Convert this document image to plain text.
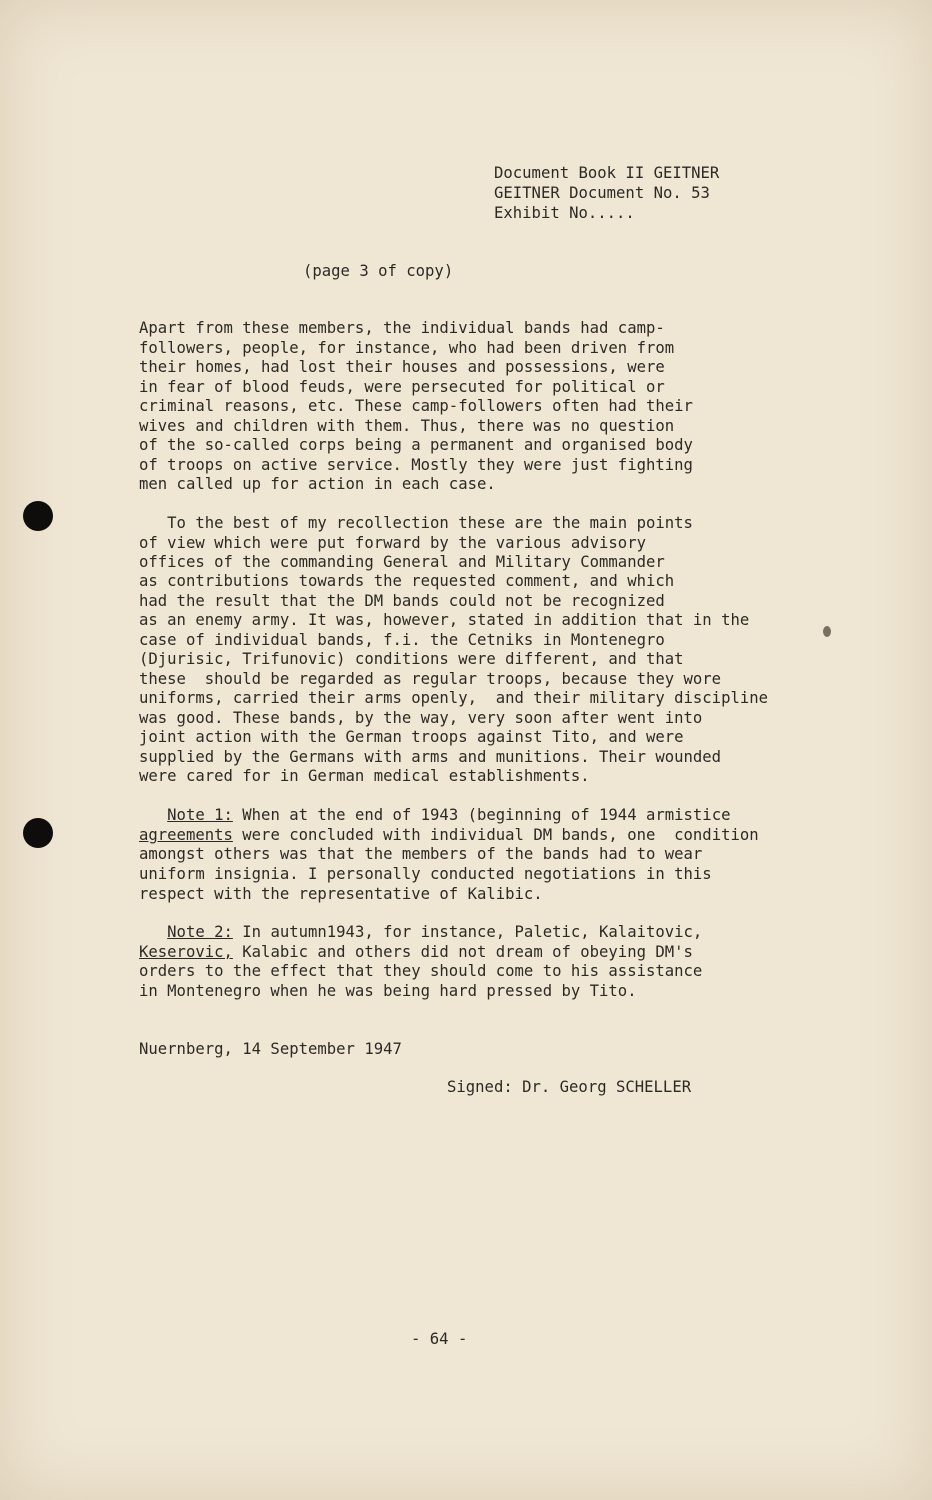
Document Book II GEITNER
GEITNER Document No. 53
Exhibit No.....
(page 3 of copy)
Apart from these members, the individual bands had camp-
followers, people, for instance, who had been driven from
their homes, had lost their houses and possessions, were
in fear of blood feuds, were persecuted for political or
criminal reasons, etc. These camp-followers often had their
wives and children with them. Thus, there was no question
of the so-called corps being a permanent and organised body
of troops on active service. Mostly they were just fighting
men called up for action in each case.
To the best of my recollection these are the main points
of view which were put forward by the various advisory
offices of the commanding General and Military Commander
as contributions towards the requested comment, and which
had the result that the DM bands could not be recognized
as an enemy army. It was, however, stated in addition that in the
case of individual bands, f.i. the Cetniks in Montenegro
(Djurisic, Trifunovic) conditions were different, and that
these  should be regarded as regular troops, because they wore
uniforms, carried their arms openly,  and their military discipline
was good. These bands, by the way, very soon after went into
joint action with the German troops against Tito, and were
supplied by the Germans with arms and munitions. Their wounded
were cared for in German medical establishments.
Note 1: When at the end of 1943 (beginning of 1944 armistice
agreements were concluded with individual DM bands, one  condition
amongst others was that the members of the bands had to wear
uniform insignia. I personally conducted negotiations in this
respect with the representative of Kalibic.
Note 2: In autumn1943, for instance, Paletic, Kalaitovic,
Keserovic, Kalabic and others did not dream of obeying DM's
orders to the effect that they should come to his assistance
in Montenegro when he was being hard pressed by Tito.
Nuernberg, 14 September 1947
Signed: Dr. Georg SCHELLER
- 64 -
